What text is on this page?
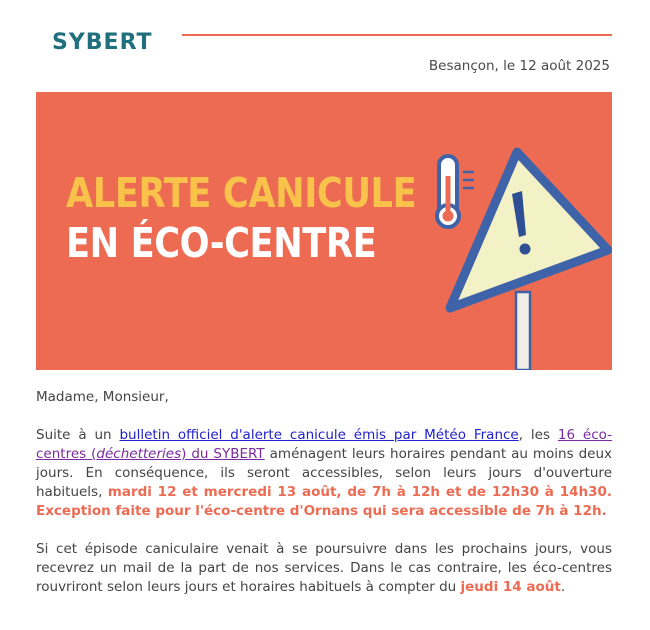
SYBERT
Besançon, le 12 août 2025
ALERTE CANICULE
EN ÉCO-CENTRE

Madame, Monsieur,

Suite à un bulletin officiel d'alerte canicule émis par Météo France, les 16 éco-centres (déchetteries) du SYBERT aménagent leurs horaires pendant au moins deux jours. En conséquence, ils seront accessibles, selon leurs jours d'ouverture habituels, mardi 12 et mercredi 13 août, de 7h à 12h et de 12h30 à 14h30. Exception faite pour l'éco-centre d'Ornans qui sera accessible de 7h à 12h.

Si cet épisode caniculaire venait à se poursuivre dans les prochains jours, vous recevrez un mail de la part de nos services. Dans le cas contraire, les éco-centres rouvriront selon leurs jours et horaires habituels à compter du jeudi 14 août.
